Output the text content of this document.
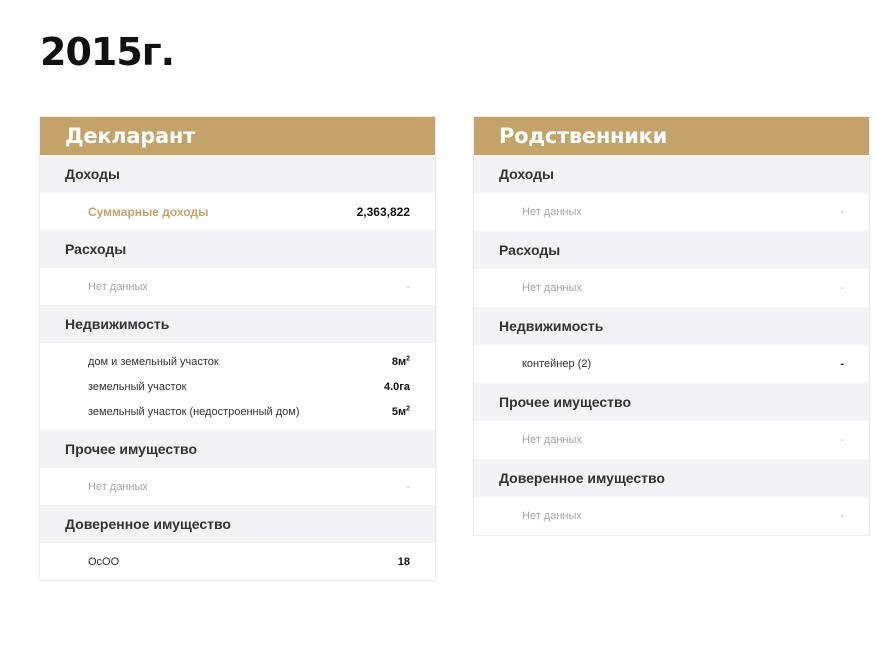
2015г.
Декларант
Доходы
Суммарные доходы	2,363,822
Расходы
Нет данных	-
Недвижимость
дом и земельный участок	$8м^2$
земельный участок	4.0га
земельный участок (недостроенный дом)	$5м^2$
Прочее имущество
Нет данных	-
Доверенное имущество
ОсОО	18
Родственники
Доходы
Нет данных	-
Расходы
Нет данных	-
Недвижимость
контейнер (2)	-
Прочее имущество
Нет данных	-
Доверенное имущество
Нет данных	-
